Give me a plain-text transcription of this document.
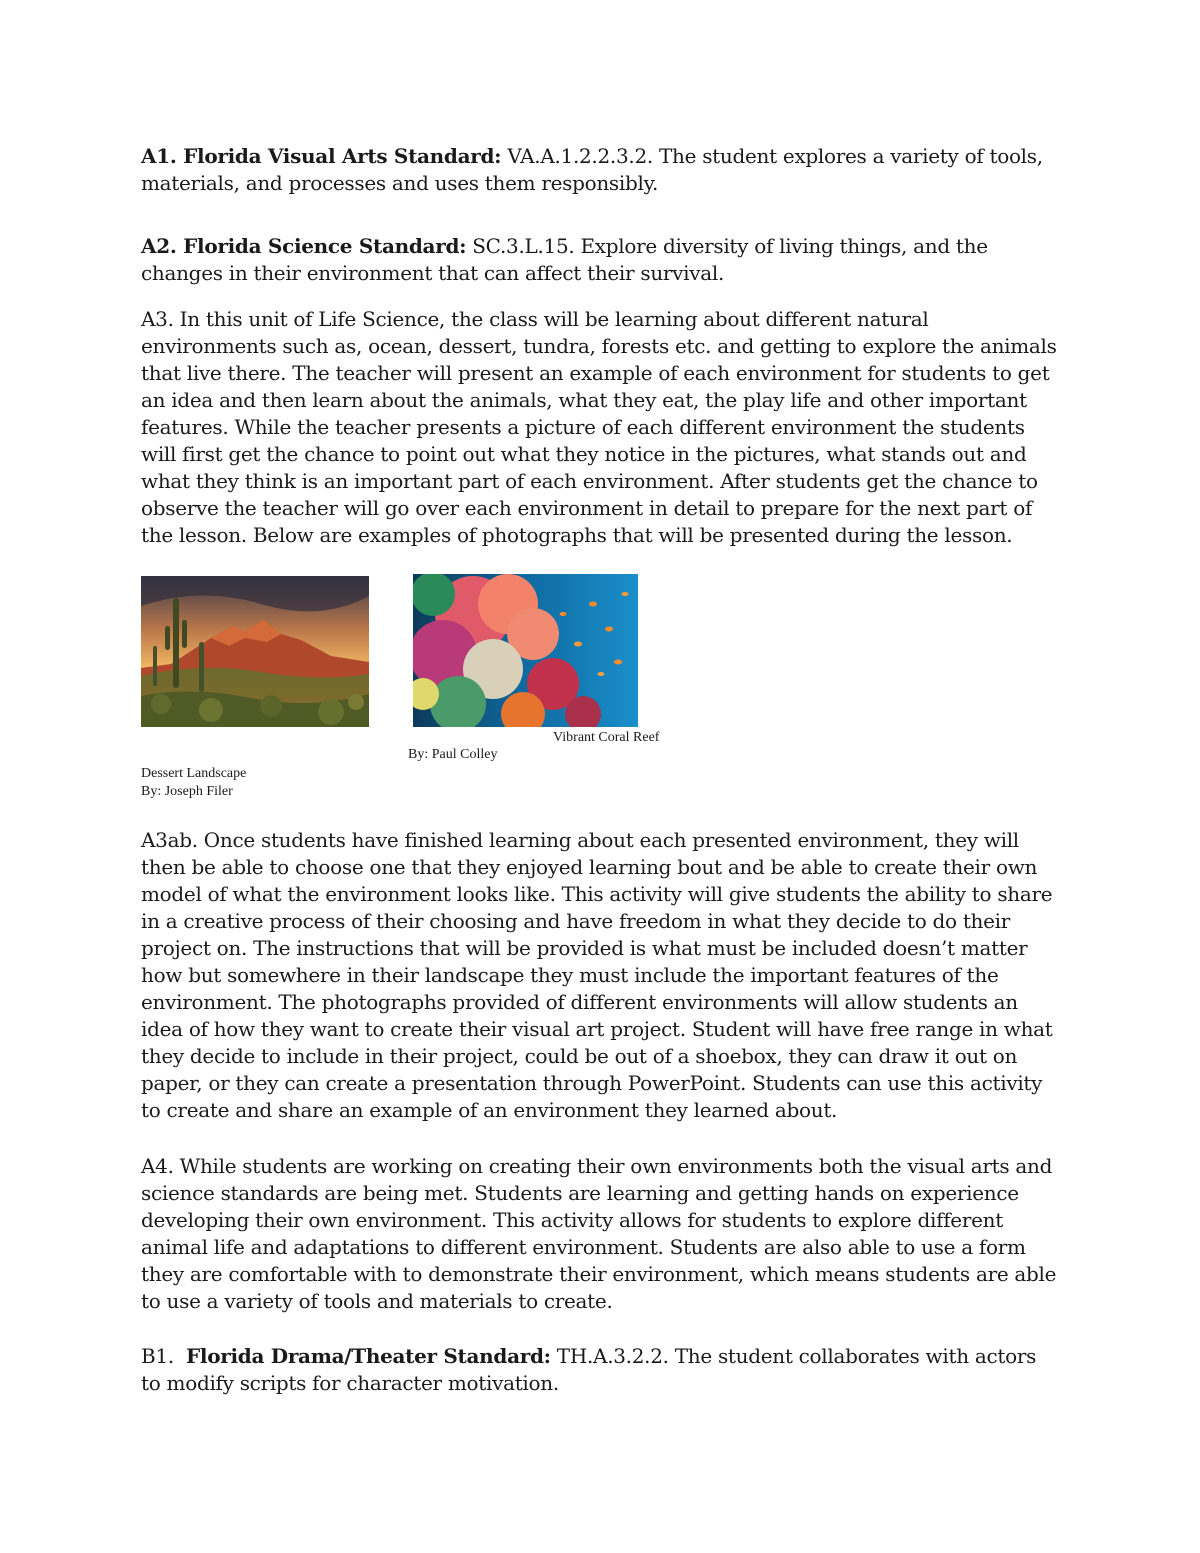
A1. Florida Visual Arts Standard: VA.A.1.2.2.3.2. The student explores a variety of tools, materials, and processes and uses them responsibly.

A2. Florida Science Standard: SC.3.L.15. Explore diversity of living things, and the changes in their environment that can affect their survival.

A3. In this unit of Life Science, the class will be learning about different natural environments such as, ocean, dessert, tundra, forests etc. and getting to explore the animals that live there. The teacher will present an example of each environment for students to get an idea and then learn about the animals, what they eat, the play life and other important features. While the teacher presents a picture of each different environment the students will first get the chance to point out what they notice in the pictures, what stands out and what they think is an important part of each environment. After students get the chance to observe the teacher will go over each environment in detail to prepare for the next part of the lesson. Below are examples of photographs that will be presented during the lesson.

Vibrant Coral Reef
By: Paul Colley
Dessert Landscape
By: Joseph Filer

A3ab. Once students have finished learning about each presented environment, they will then be able to choose one that they enjoyed learning bout and be able to create their own model of what the environment looks like. This activity will give students the ability to share in a creative process of their choosing and have freedom in what they decide to do their project on. The instructions that will be provided is what must be included doesn’t matter how but somewhere in their landscape they must include the important features of the environment. The photographs provided of different environments will allow students an idea of how they want to create their visual art project. Student will have free range in what they decide to include in their project, could be out of a shoebox, they can draw it out on paper, or they can create a presentation through PowerPoint. Students can use this activity to create and share an example of an environment they learned about.

A4. While students are working on creating their own environments both the visual arts and science standards are being met. Students are learning and getting hands on experience developing their own environment. This activity allows for students to explore different animal life and adaptations to different environment. Students are also able to use a form they are comfortable with to demonstrate their environment, which means students are able to use a variety of tools and materials to create.

B1.  Florida Drama/Theater Standard: TH.A.3.2.2. The student collaborates with actors to modify scripts for character motivation.
